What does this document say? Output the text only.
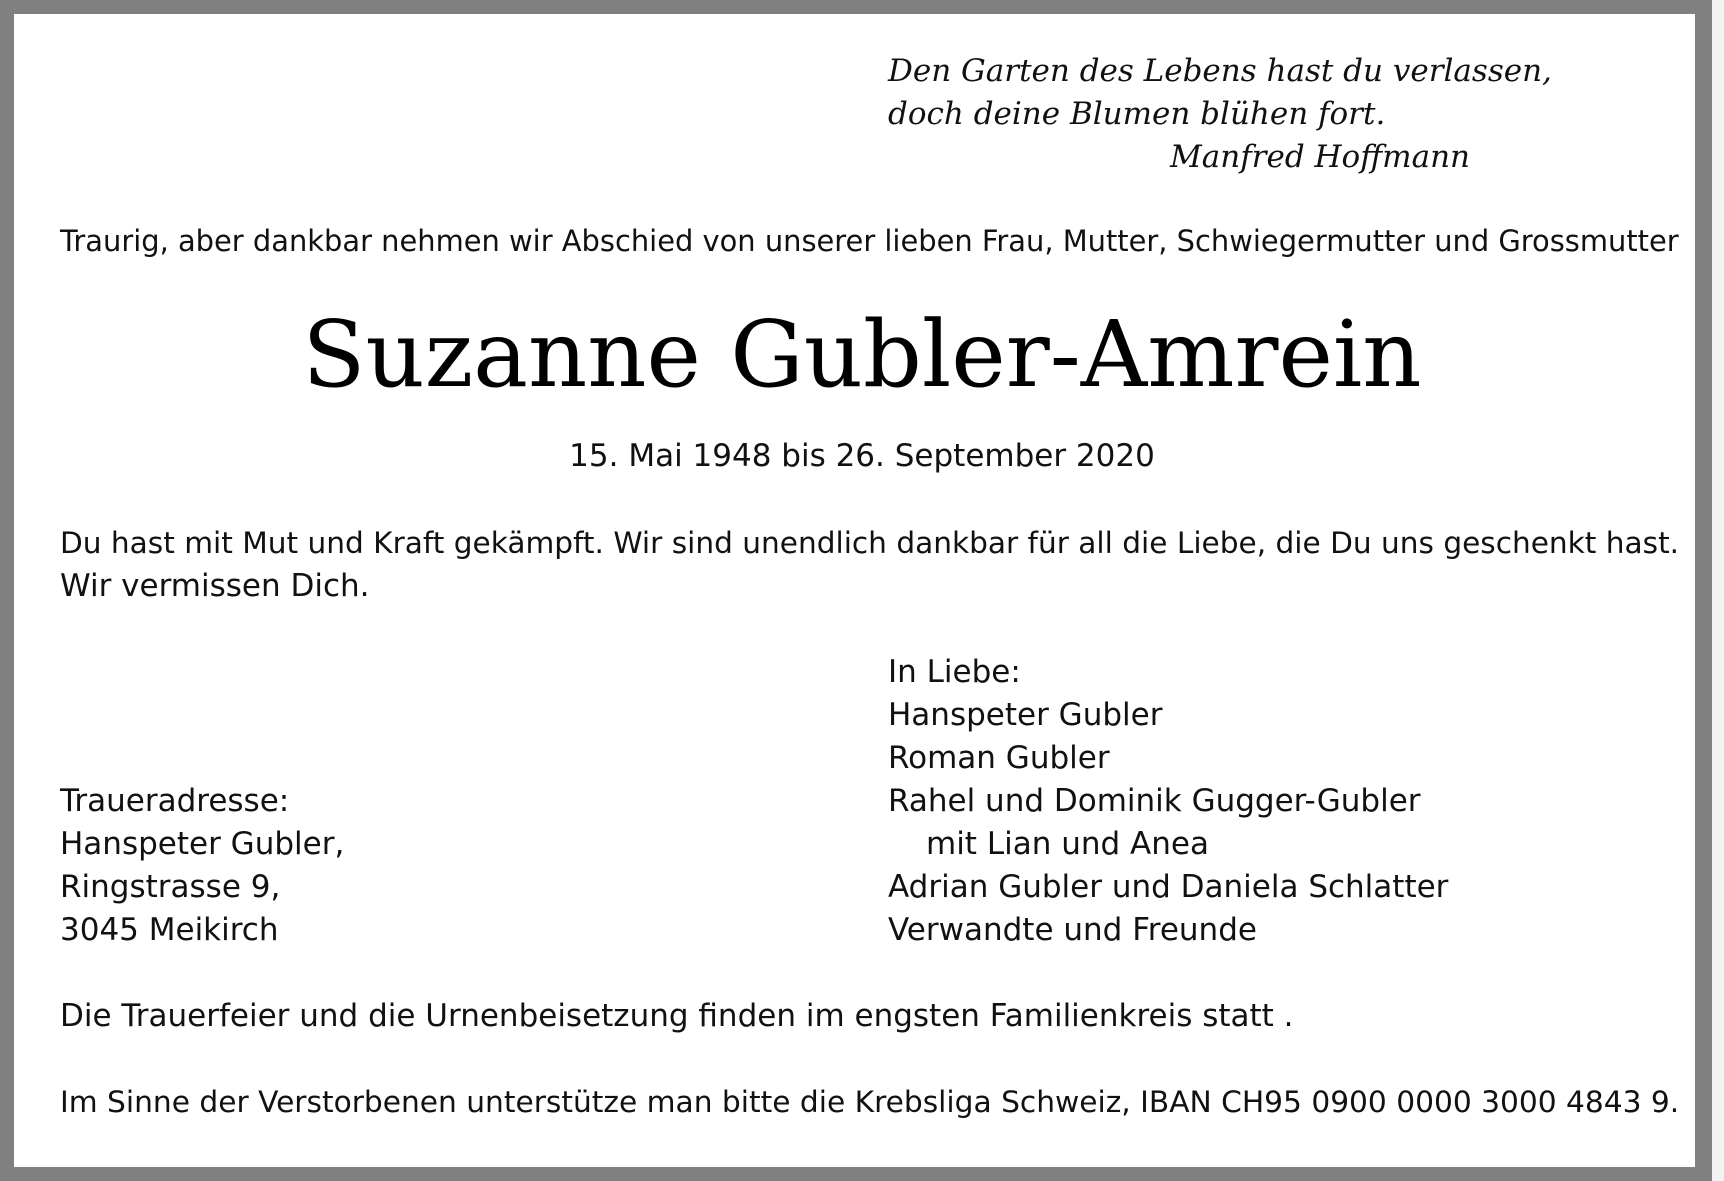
Den Garten des Lebens hast du verlassen,
doch deine Blumen blühen fort.
Manfred Hoffmann
Traurig, aber dankbar nehmen wir Abschied von unserer lieben Frau, Mutter, Schwiegermutter und Grossmutter
Suzanne Gubler-Amrein
15. Mai 1948 bis 26. September 2020
Du hast mit Mut und Kraft gekämpft. Wir sind unendlich dankbar für all die Liebe, die Du uns geschenkt hast.
Wir vermissen Dich.
In Liebe:
Hanspeter Gubler
Roman Gubler
Rahel und Dominik Gugger-Gubler
mit Lian und Anea
Adrian Gubler und Daniela Schlatter
Verwandte und Freunde
Traueradresse:
Hanspeter Gubler,
Ringstrasse 9,
3045 Meikirch
Die Trauerfeier und die Urnenbeisetzung finden im engsten Familienkreis statt .
Im Sinne der Verstorbenen unterstütze man bitte die Krebsliga Schweiz, IBAN CH95 0900 0000 3000 4843 9.
